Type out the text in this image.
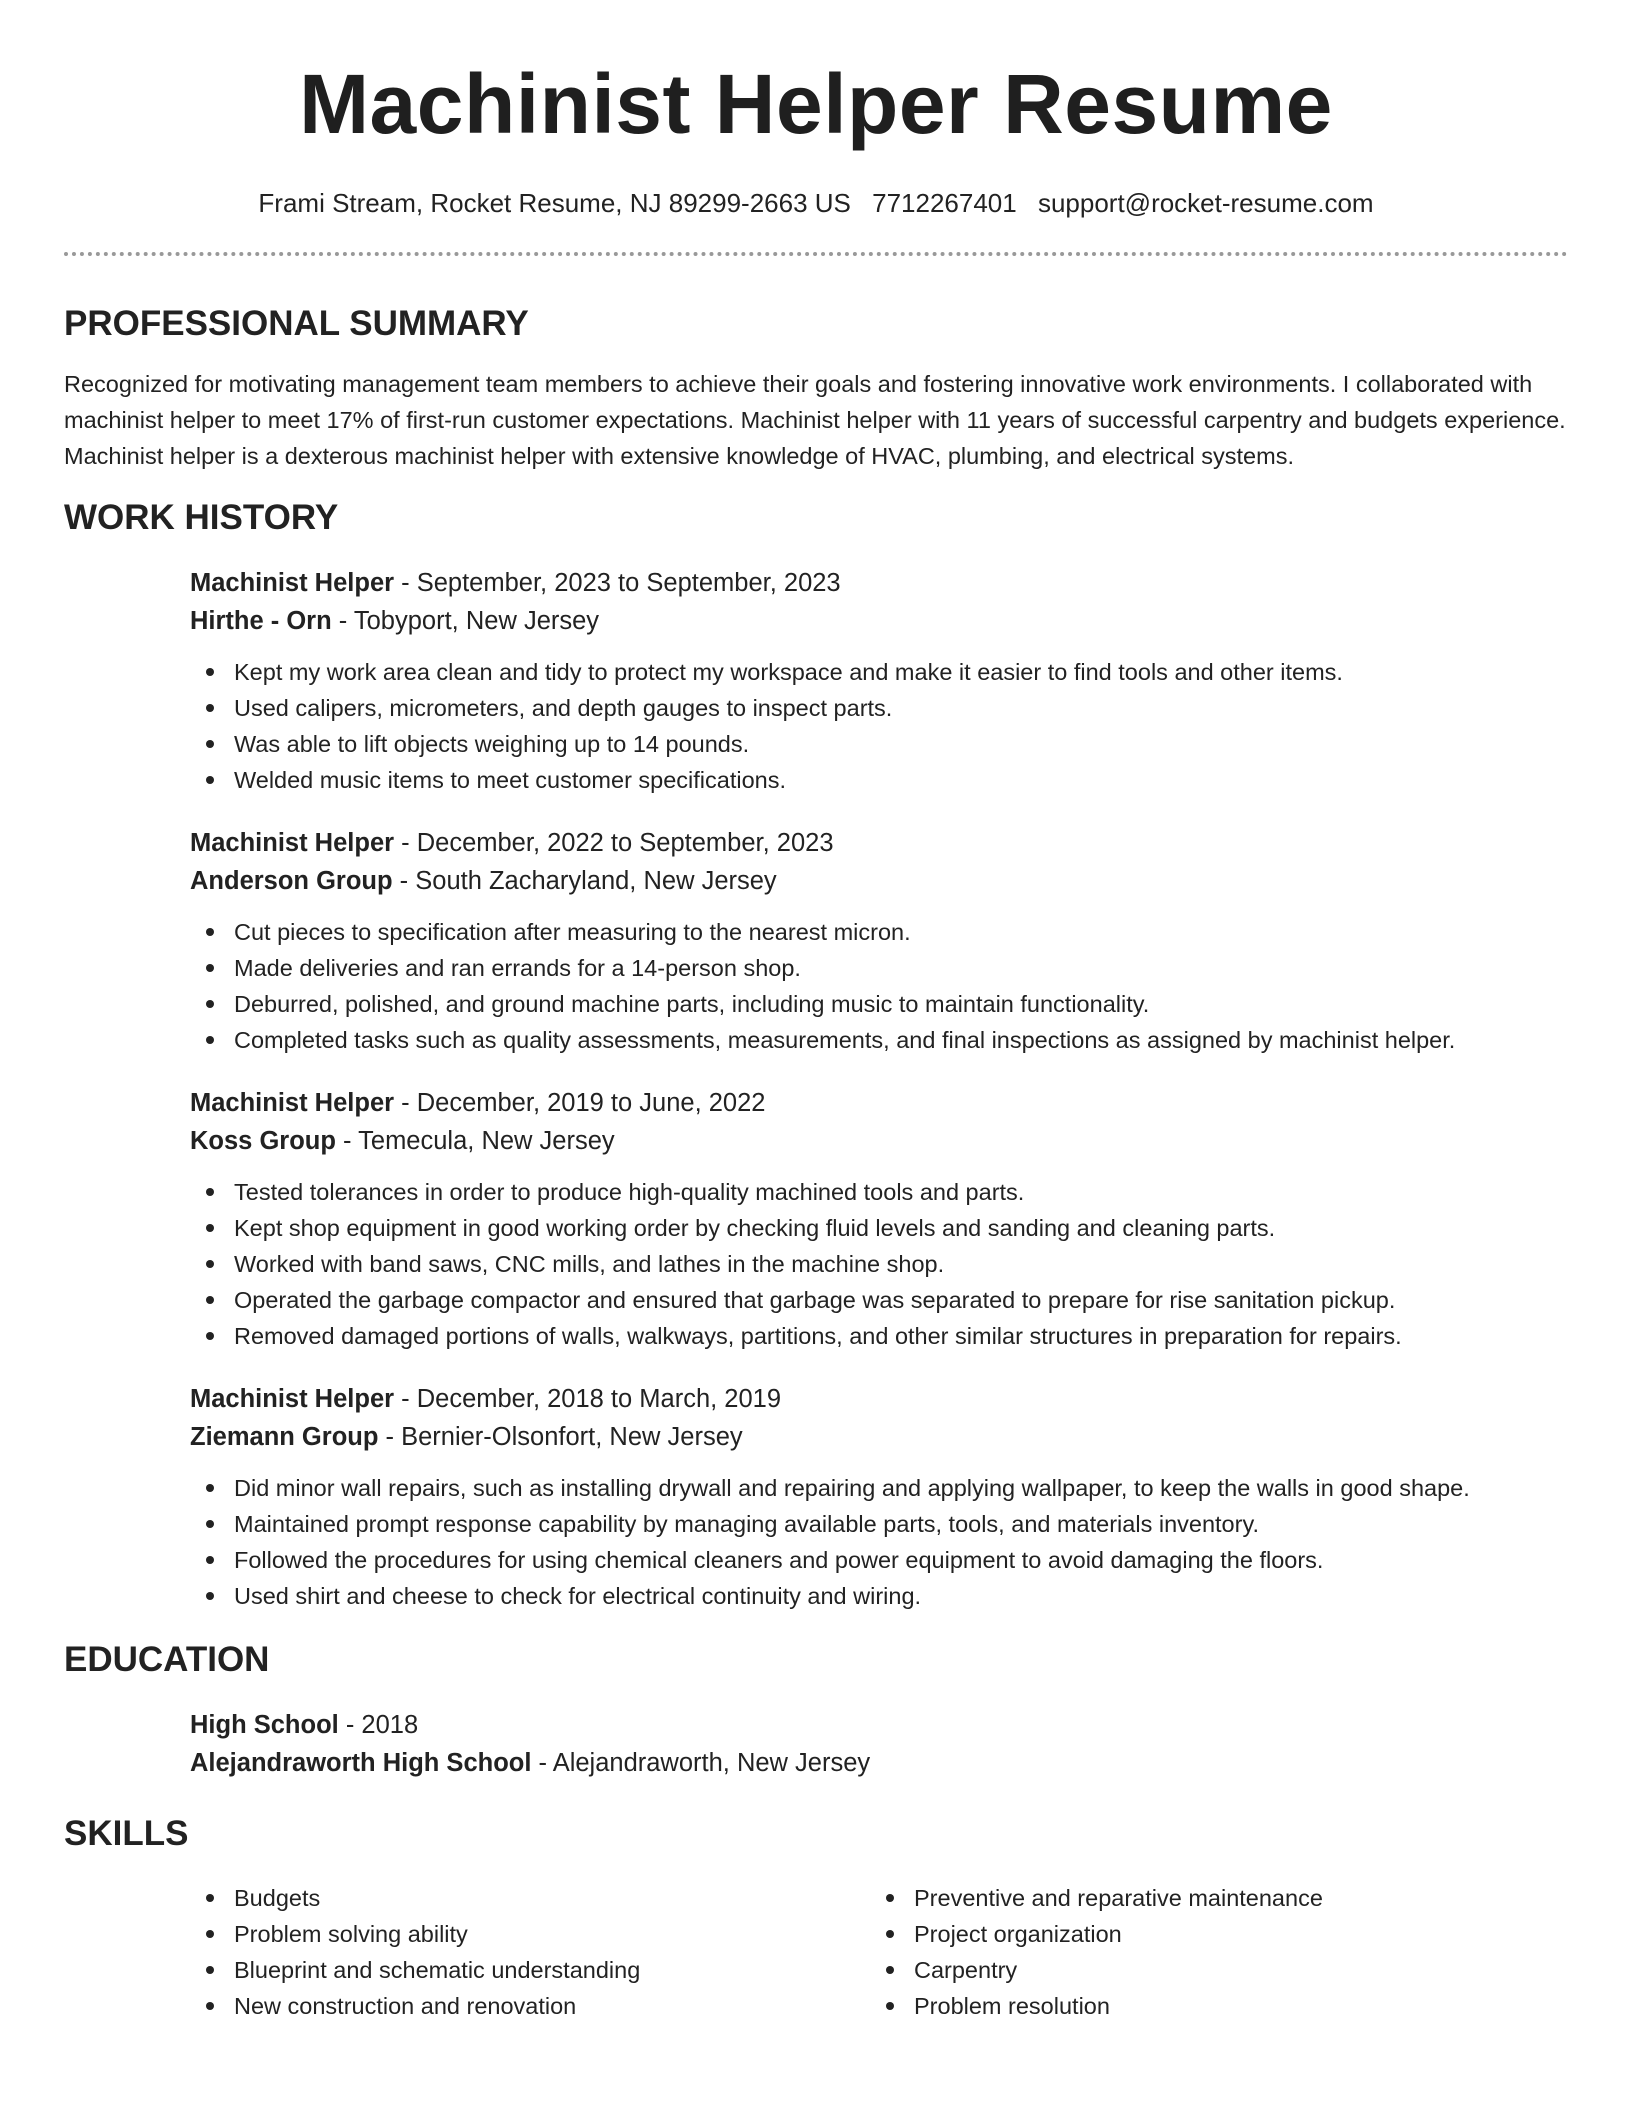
Machinist Helper Resume
Frami Stream, Rocket Resume, NJ 89299-2663 US 7712267401 support@rocket-resume.com
PROFESSIONAL SUMMARY

Recognized for motivating management team members to achieve their goals and fostering innovative work environments. I collaborated with machinist helper to meet 17% of first-run customer expectations. Machinist helper with 11 years of successful carpentry and budgets experience. Machinist helper is a dexterous machinist helper with extensive knowledge of HVAC, plumbing, and electrical systems.

WORK HISTORY
Machinist Helper - September, 2023 to September, 2023
Hirthe - Orn - Tobyport, New Jersey
Kept my work area clean and tidy to protect my workspace and make it easier to find tools and other items.
Used calipers, micrometers, and depth gauges to inspect parts.
Was able to lift objects weighing up to 14 pounds.
Welded music items to meet customer specifications.
Machinist Helper - December, 2022 to September, 2023
Anderson Group - South Zacharyland, New Jersey
Cut pieces to specification after measuring to the nearest micron.
Made deliveries and ran errands for a 14-person shop.
Deburred, polished, and ground machine parts, including music to maintain functionality.
Completed tasks such as quality assessments, measurements, and final inspections as assigned by machinist helper.
Machinist Helper - December, 2019 to June, 2022
Koss Group - Temecula, New Jersey
Tested tolerances in order to produce high-quality machined tools and parts.
Kept shop equipment in good working order by checking fluid levels and sanding and cleaning parts.
Worked with band saws, CNC mills, and lathes in the machine shop.
Operated the garbage compactor and ensured that garbage was separated to prepare for rise sanitation pickup.
Removed damaged portions of walls, walkways, partitions, and other similar structures in preparation for repairs.
Machinist Helper - December, 2018 to March, 2019
Ziemann Group - Bernier-Olsonfort, New Jersey
Did minor wall repairs, such as installing drywall and repairing and applying wallpaper, to keep the walls in good shape.
Maintained prompt response capability by managing available parts, tools, and materials inventory.
Followed the procedures for using chemical cleaners and power equipment to avoid damaging the floors.
Used shirt and cheese to check for electrical continuity and wiring.
EDUCATION
High School - 2018
Alejandraworth High School - Alejandraworth, New Jersey
SKILLS
Budgets
Problem solving ability
Blueprint and schematic understanding
New construction and renovation
Preventive and reparative maintenance
Project organization
Carpentry
Problem resolution
